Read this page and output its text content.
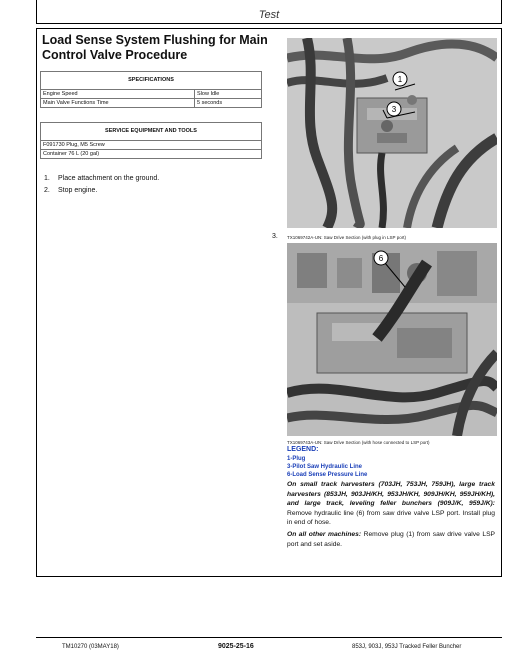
Test
Load Sense System Flushing for Main Control Valve Procedure
SPECIFICATIONS	
Engine Speed	Slow Idle
Main Valve Functions Time	5 seconds
SERVICE EQUIPMENT AND TOOLS
F091730 Plug, M5 Screw
Container 76 L (20 gal)
1. Place attachment on the ground.
2. Stop engine.
1
3
TX1069742A-UN: Saw Drive Section (with plug in LSP port)
3.
6
TX1069743A-UN: Saw Drive Section (with hose connected to LSP port)
LEGEND:
1-Plug
3-Pilot Saw Hydraulic Line
6-Load Sense Pressure Line
On small track harvesters (703JH, 753JH, 759JH), large track harvesters (853JH, 903JH/KH, 953JH/KH, 909JH/KH, 959JH/KH), and large track, leveling feller bunchers (909J/K, 959J/K): Remove hydraulic line (6) from saw drive valve LSP port. Install plug in end of hose.
On all other machines: Remove plug (1) from saw drive valve LSP port and set aside.
TM10270 (03MAY18)	9025-25-16	853J, 903J, 953J Tracked Feller Buncher
